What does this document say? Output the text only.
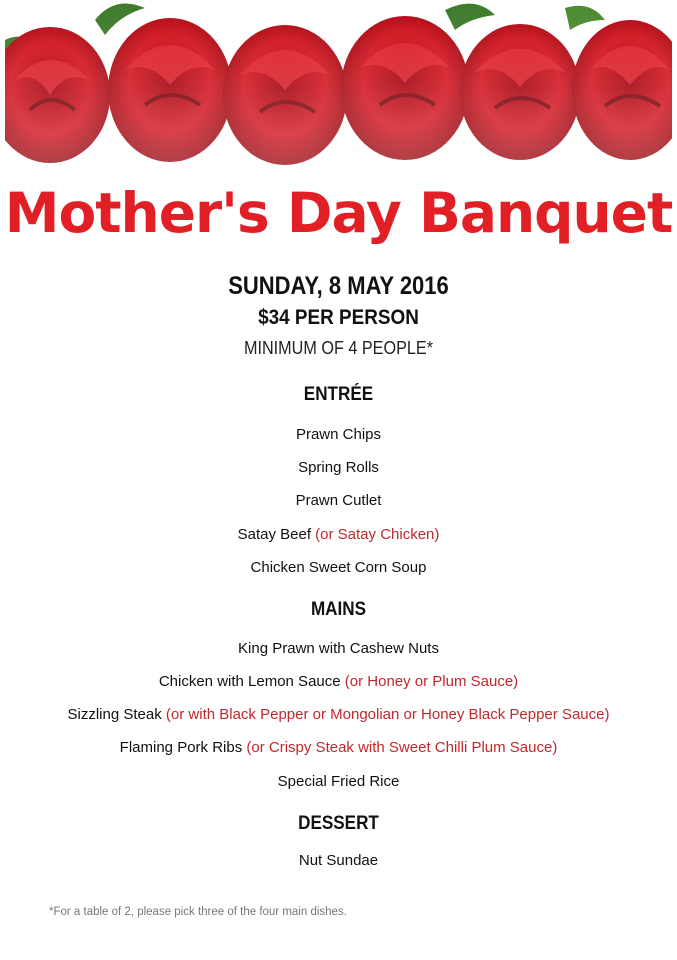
Mother's Day Banquet
SUNDAY, 8 MAY 2016
$34 PER PERSON
MINIMUM OF 4 PEOPLE*
ENTRÉE
Prawn Chips
Spring Rolls
Prawn Cutlet
Satay Beef (or Satay Chicken)
Chicken Sweet Corn Soup
MAINS
King Prawn with Cashew Nuts
Chicken with Lemon Sauce (or Honey or Plum Sauce)
Sizzling Steak (or with Black Pepper or Mongolian or Honey Black Pepper Sauce)
Flaming Pork Ribs (or Crispy Steak with Sweet Chilli Plum Sauce)
Special Fried Rice
DESSERT
Nut Sundae
*For a table of 2, please pick three of the four main dishes.
